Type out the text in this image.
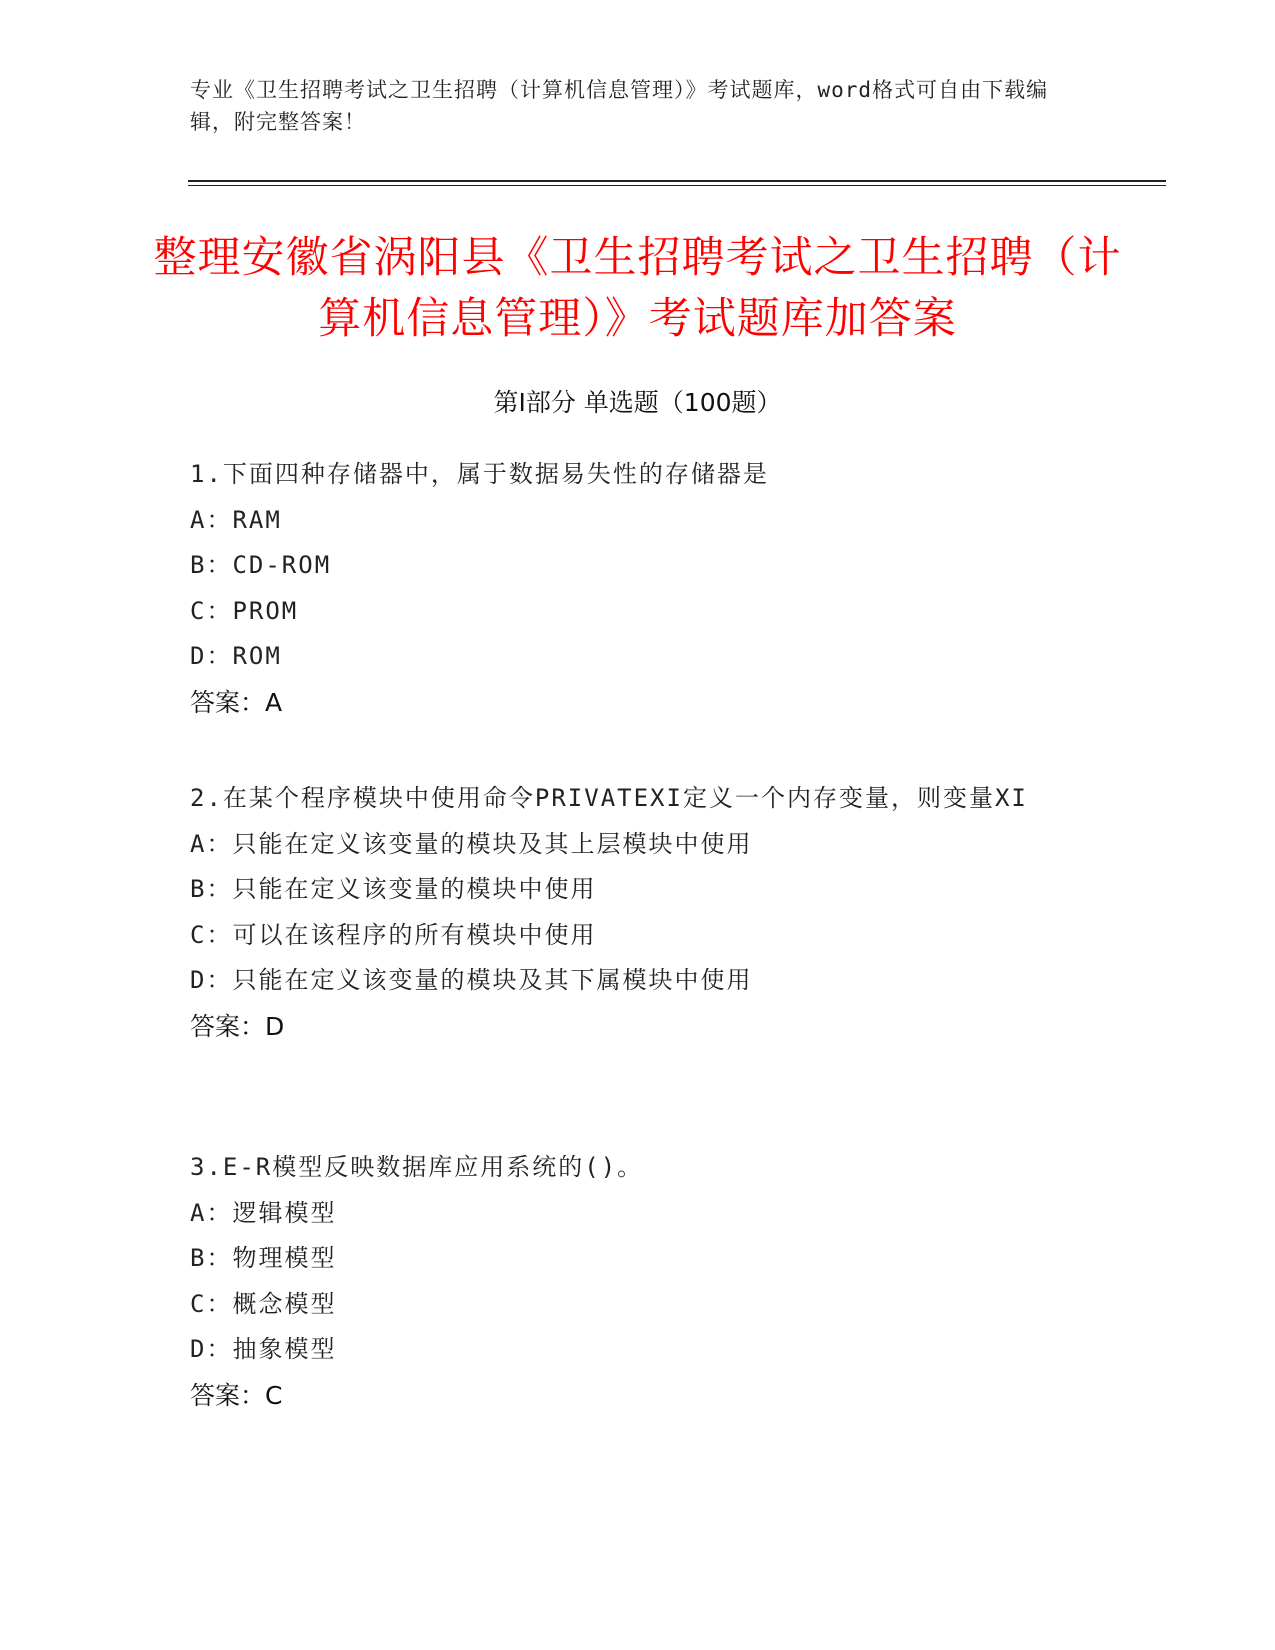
专业《卫生招聘考试之卫生招聘（计算机信息管理）》考试题库，word格式可自由下载编辑，附完整答案！
整理安徽省涡阳县《卫生招聘考试之卫生招聘（计算机信息管理）》考试题库加答案
第Ⅰ部分 单选题（100题）
1.下面四种存储器中，属于数据易失性的存储器是
A：RAM
B：CD-ROM
C：PROM
D：ROM
答案：A
2.在某个程序模块中使用命令PRIVATEXI定义一个内存变量，则变量XI
A：只能在定义该变量的模块及其上层模块中使用
B：只能在定义该变量的模块中使用
C：可以在该程序的所有模块中使用
D：只能在定义该变量的模块及其下属模块中使用
答案：D
3.E-R模型反映数据库应用系统的()。
A：逻辑模型
B：物理模型
C：概念模型
D：抽象模型
答案：C
